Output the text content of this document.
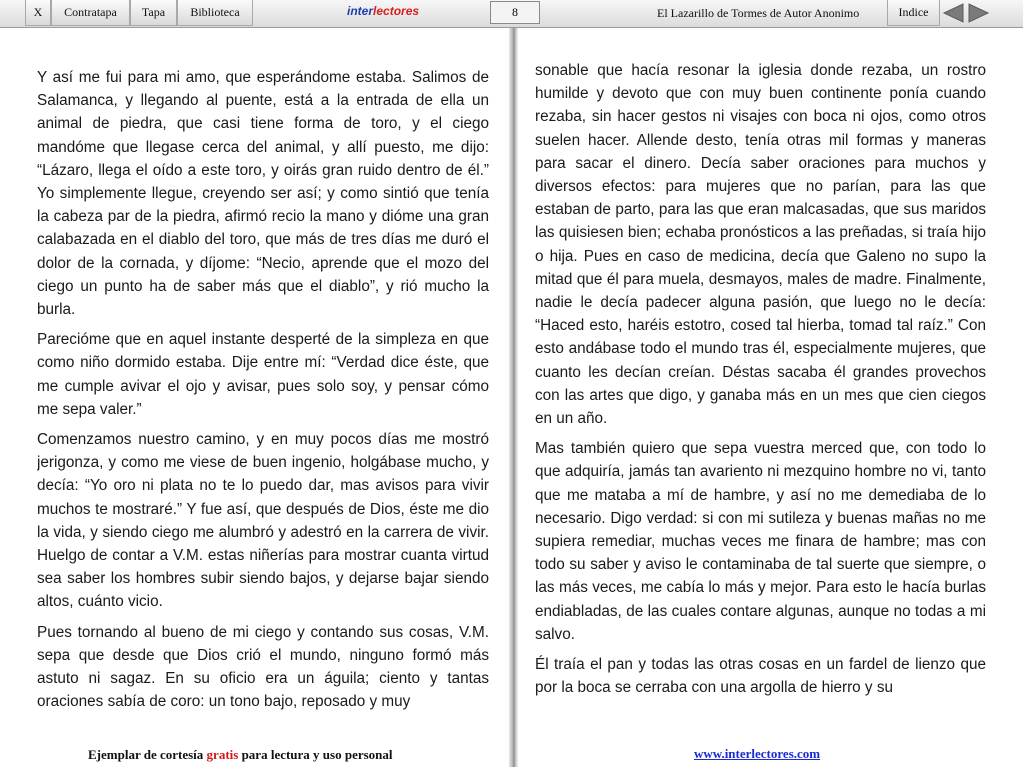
X	Contratapa	Tapa	Biblioteca	interlectores	8	El Lazarillo de Tormes de Autor Anonimo	Indice

Y así me fui para mi amo, que esperándome estaba. Salimos de Salamanca, y llegando al puente, está a la entrada de ella un animal de piedra, que casi tiene forma de toro, y el ciego mandóme que llegase cerca del animal, y allí puesto, me dijo: “Lázaro, llega el oído a este toro, y oirás gran ruido dentro de él.” Yo simplemente llegue, creyendo ser así; y como sintió que tenía la cabeza par de la piedra, afirmó recio la mano y dióme una gran calabazada en el diablo del toro, que más de tres días me duró el dolor de la cornada, y díjome: “Necio, aprende que el mozo del ciego un punto ha de saber más que el diablo”, y rió mucho la burla.

Parecióme que en aquel instante desperté de la simpleza en que como niño dormido estaba. Dije entre mí: “Verdad dice éste, que me cumple avivar el ojo y avisar, pues solo soy, y pensar cómo me sepa valer.”

Comenzamos nuestro camino, y en muy pocos días me mostró jerigonza, y como me viese de buen ingenio, holgábase mucho, y decía: “Yo oro ni plata no te lo puedo dar, mas avisos para vivir muchos te mostraré.” Y fue así, que después de Dios, éste me dio la vida, y siendo ciego me alumbró y adestró en la carrera de vivir. Huelgo de contar a V.M. estas niñerías para mostrar cuanta virtud sea saber los hombres subir siendo bajos, y dejarse bajar siendo altos, cuánto vicio.

Pues tornando al bueno de mi ciego y contando sus cosas, V.M. sepa que desde que Dios crió el mundo, ninguno formó más astuto ni sagaz. En su oficio era un águila; ciento y tantas oraciones sabía de coro: un tono bajo, reposado y muy

sonable que hacía resonar la iglesia donde rezaba, un rostro humilde y devoto que con muy buen continente ponía cuando rezaba, sin hacer gestos ni visajes con boca ni ojos, como otros suelen hacer. Allende desto, tenía otras mil formas y maneras para sacar el dinero. Decía saber oraciones para muchos y diversos efectos: para mujeres que no parían, para las que estaban de parto, para las que eran malcasadas, que sus maridos las quisiesen bien; echaba pronósticos a las preñadas, si traía hijo o hija. Pues en caso de medicina, decía que Galeno no supo la mitad que él para muela, desmayos, males de madre. Finalmente, nadie le decía padecer alguna pasión, que luego no le decía: “Haced esto, haréis estotro, cosed tal hierba, tomad tal raíz.” Con esto andábase todo el mundo tras él, especialmente mujeres, que cuanto les decían creían. Déstas sacaba él grandes provechos con las artes que digo, y ganaba más en un mes que cien ciegos en un año.

Mas también quiero que sepa vuestra merced que, con todo lo que adquiría, jamás tan avariento ni mezquino hombre no vi, tanto que me mataba a mí de hambre, y así no me demediaba de lo necesario. Digo verdad: si con mi sutileza y buenas mañas no me supiera remediar, muchas veces me finara de hambre; mas con todo su saber y aviso le contaminaba de tal suerte que siempre, o las más veces, me cabía lo más y mejor. Para esto le hacía burlas endiabladas, de las cuales contare algunas, aunque no todas a mi salvo.

Él traía el pan y todas las otras cosas en un fardel de lienzo que por la boca se cerraba con una argolla de hierro y su

Ejemplar de cortesía gratis para lectura y uso personal	www.interlectores.com
